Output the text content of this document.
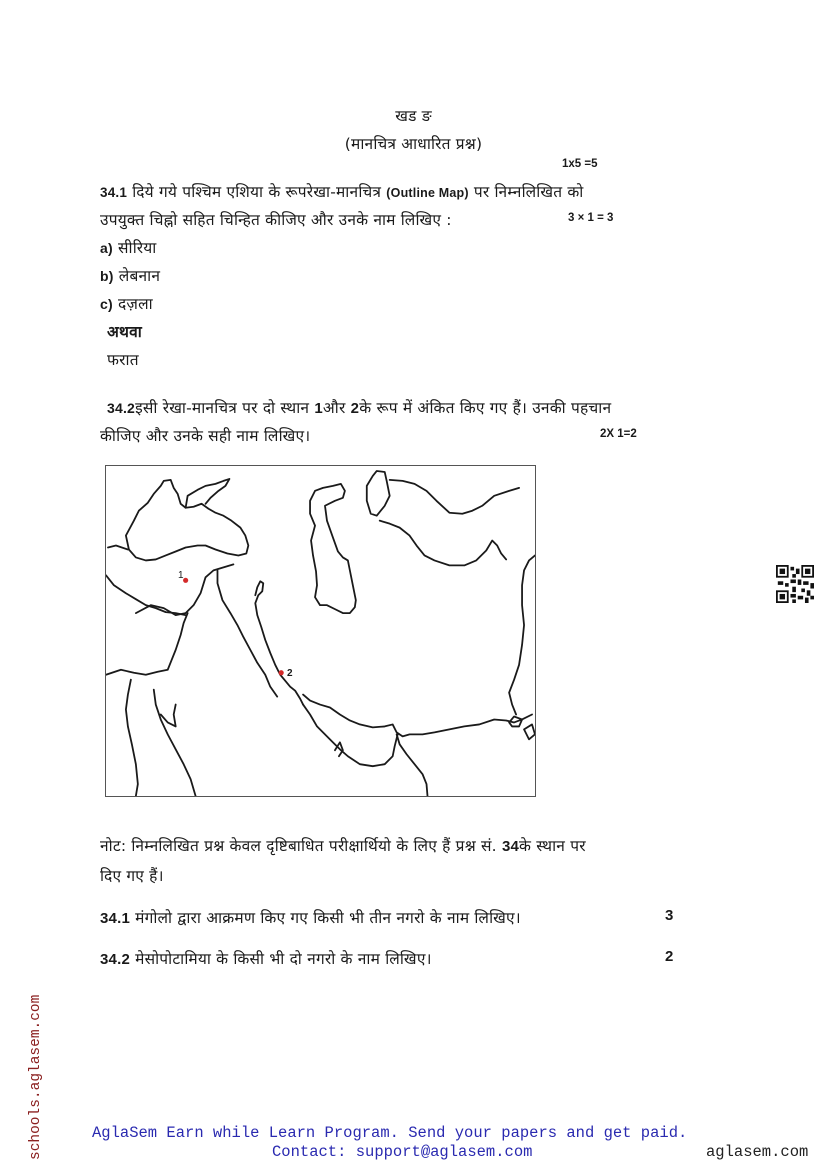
खड ङ
(मानचित्र आधारित प्रश्न)
1x5 =5
34.1 दिये गये पश्चिम एशिया के रूपरेखा-मानचित्र (Outline Map) पर निम्नलिखित को
उपयुक्त चिह्नो सहित चिन्हित कीजिए और उनके नाम लिखिए :	3 × 1 = 3
a) सीरिया
b) लेबनान
c) दज़ला
अथवा
फरात
34.2इसी रेखा-मानचित्र पर दो स्थान 1और 2के रूप में अंकित किए गए हैं। उनकी पहचान
कीजिए और उनके सही नाम लिखिए।	2X 1=2
1
2
नोट: निम्नलिखित प्रश्न केवल दृष्टिबाधित परीक्षार्थियो के लिए हैं प्रश्न सं. 34के स्थान पर
दिए गए हैं।
34.1 मंगोलो द्वारा आक्रमण किए गए किसी भी तीन नगरो के नाम लिखिए।	3
34.2 मेसोपोटामिया के किसी भी दो नगरो के नाम लिखिए।	2
schools.aglasem.com	AglaSem Earn while Learn Program. Send your papers and get paid.
Contact: support@aglasem.com	aglasem.com
